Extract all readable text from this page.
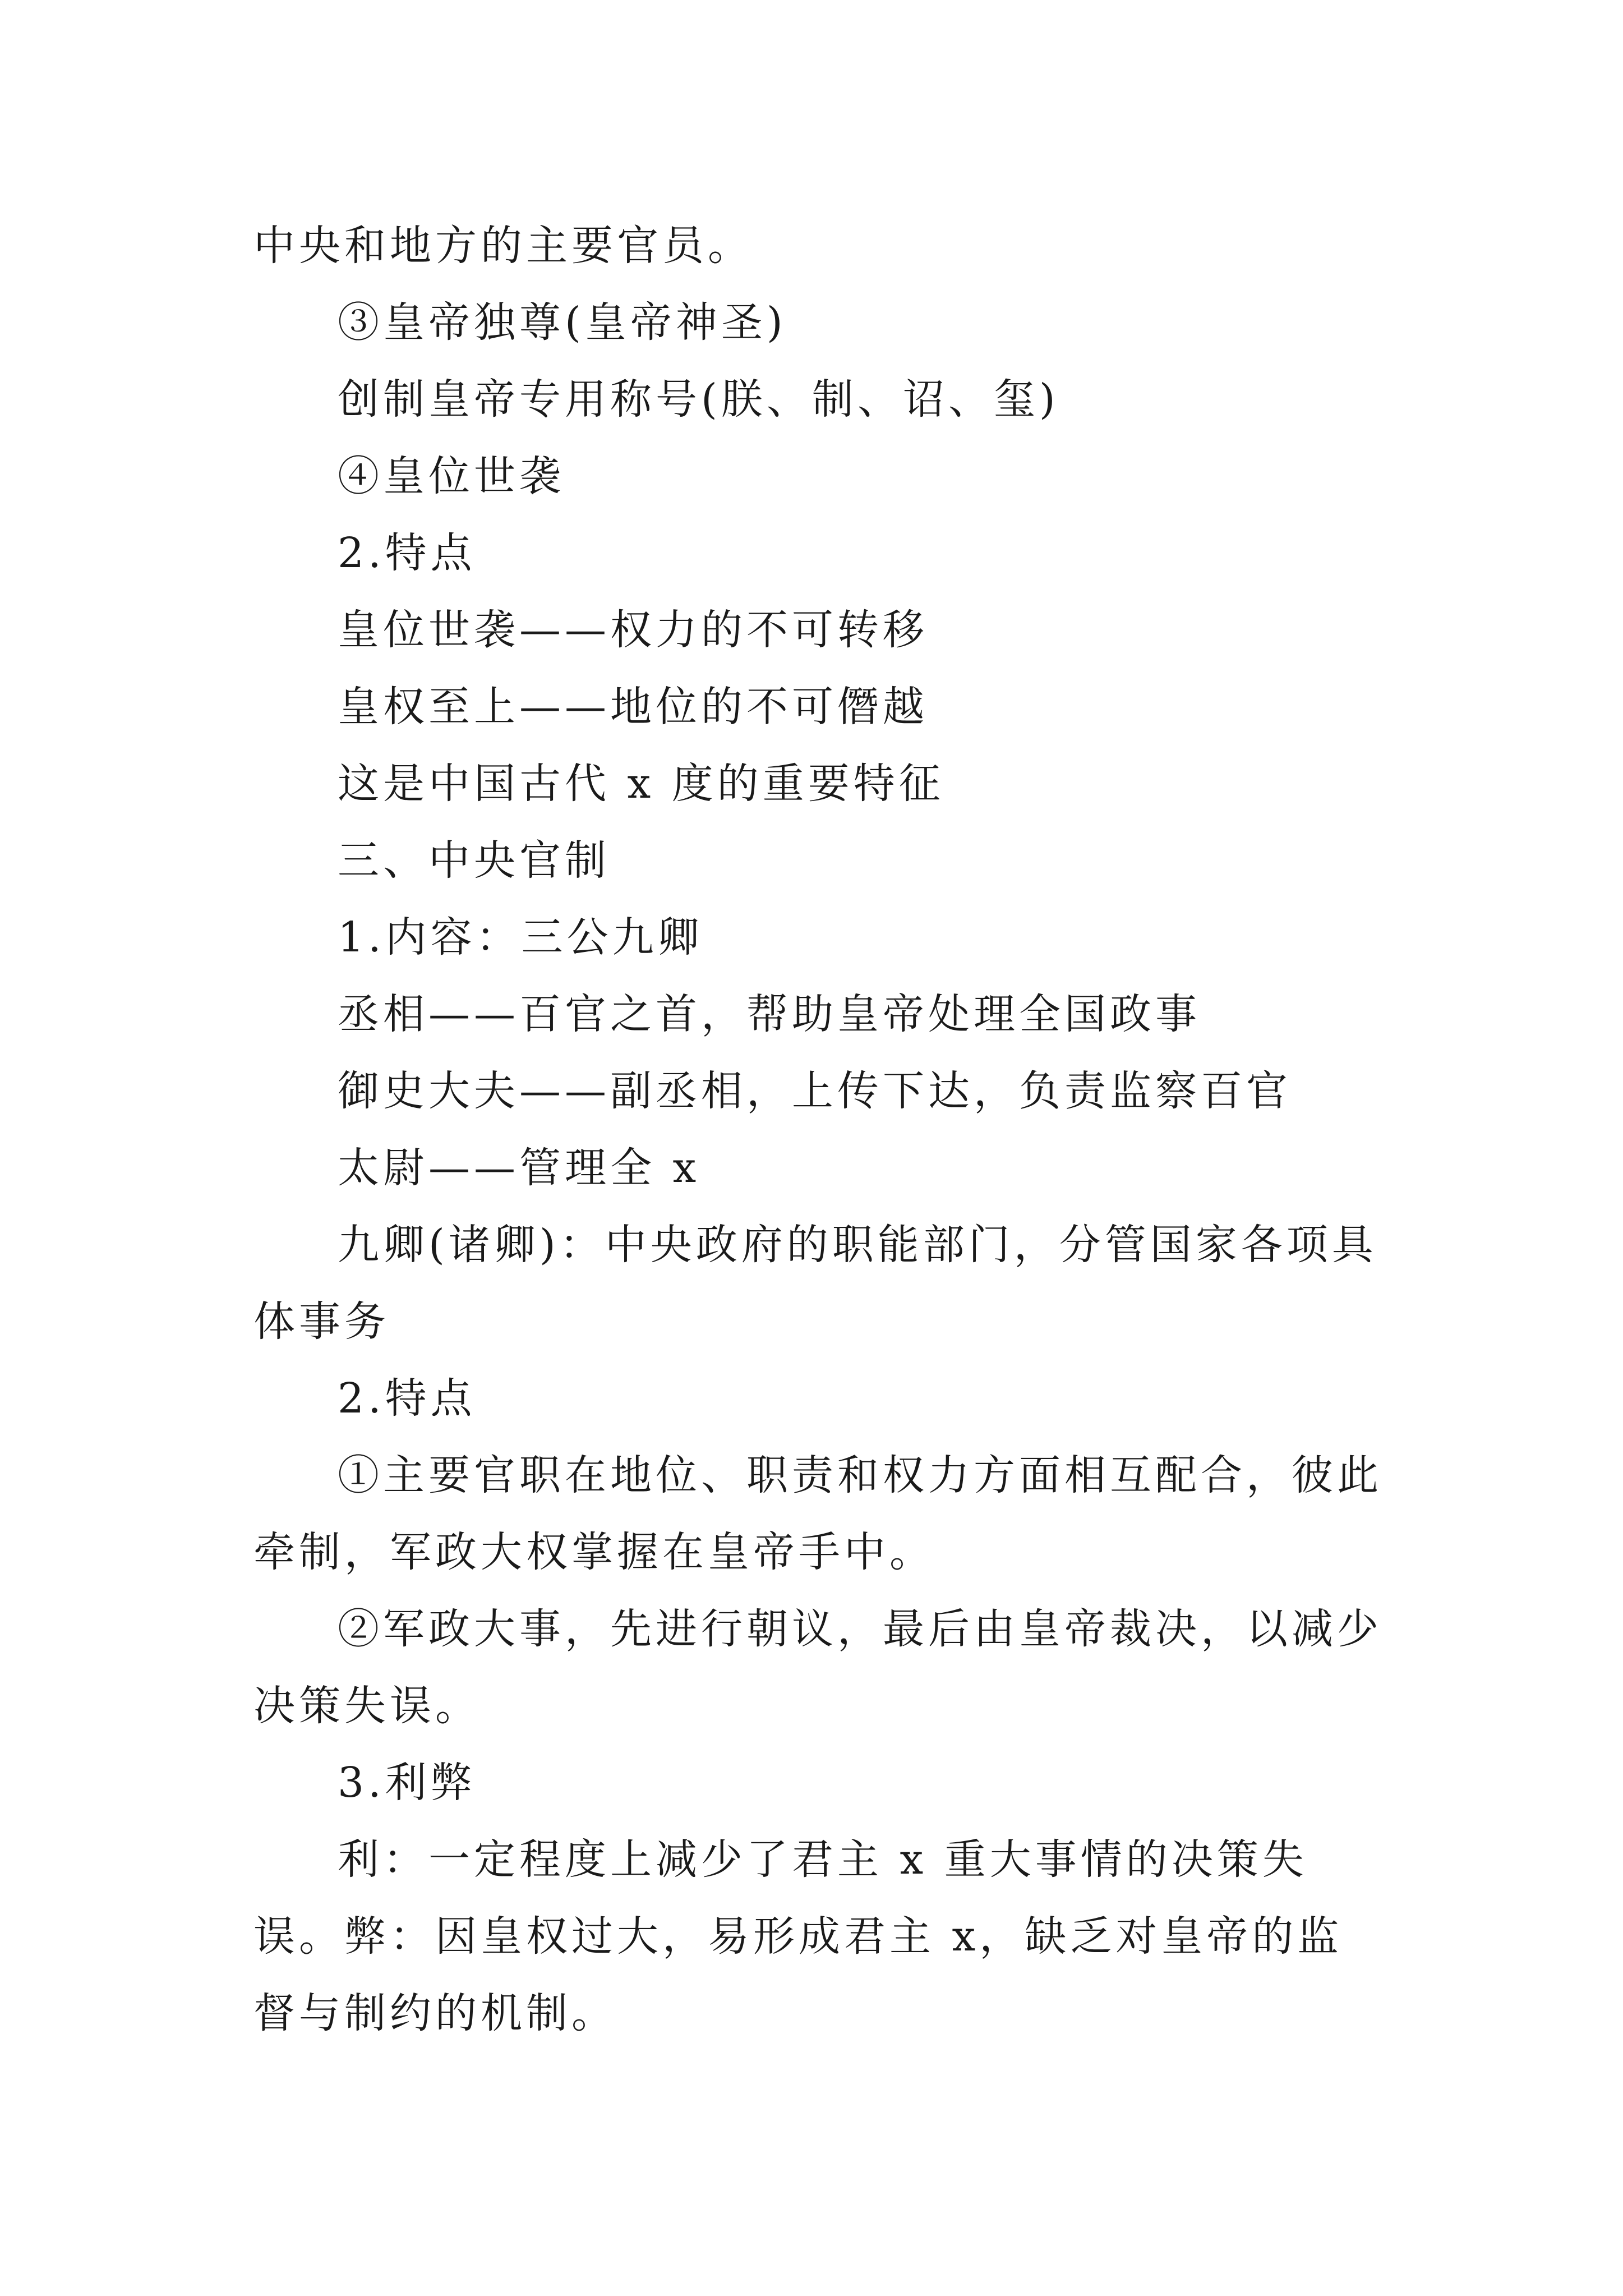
中央和地方的主要官员。

③皇帝独尊(皇帝神圣)

创制皇帝专用称号(朕、制、诏、玺)

④皇位世袭

2.特点

皇位世袭——权力的不可转移

皇权至上——地位的不可僭越

这是中国古代 x 度的重要特征

三、中央官制

1.内容：三公九卿

丞相——百官之首，帮助皇帝处理全国政事

御史大夫——副丞相，上传下达，负责监察百官

太尉——管理全 x

九卿(诸卿)：中央政府的职能部门，分管国家各项具体事务

2.特点

①主要官职在地位、职责和权力方面相互配合，彼此牵制，军政大权掌握在皇帝手中。

②军政大事，先进行朝议，最后由皇帝裁决，以减少决策失误。

3.利弊

利：一定程度上减少了君主 x 重大事情的决策失误。弊：因皇权过大，易形成君主 x，缺乏对皇帝的监督与制约的机制。
